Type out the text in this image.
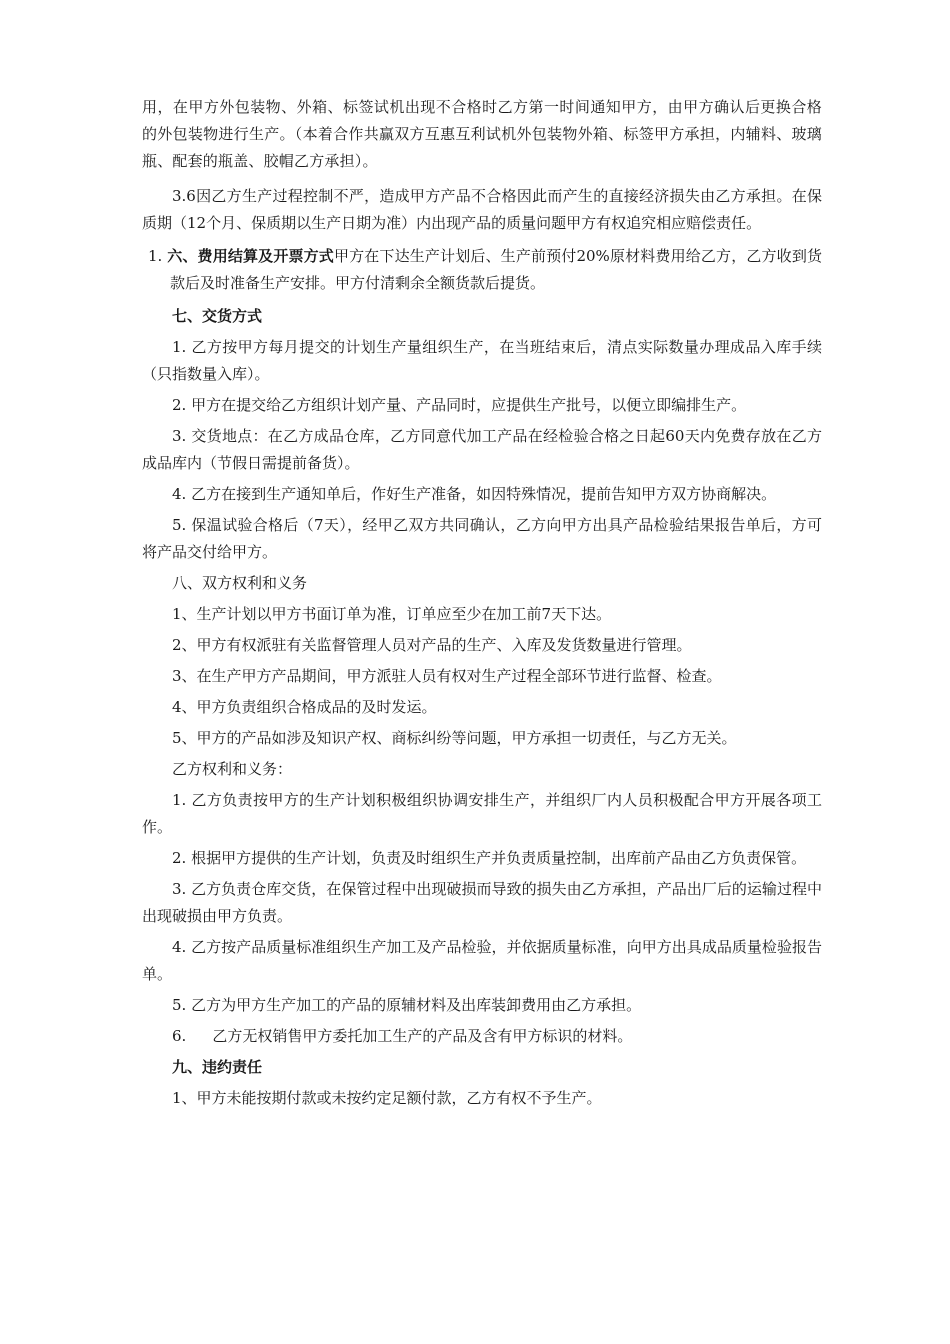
用，在甲方外包装物、外箱、标签试机出现不合格时乙方第一时间通知甲方，由甲方确认后更换合格的外包装物进行生产。（本着合作共赢双方互惠互利试机外包装物外箱、标签甲方承担，内辅料、玻璃瓶、配套的瓶盖、胶帽乙方承担）。

3.6因乙方生产过程控制不严，造成甲方产品不合格因此而产生的直接经济损失由乙方承担。在保质期（12个月、保质期以生产日期为准）内出现产品的质量问题甲方有权追究相应赔偿责任。

1. 六、费用结算及开票方式甲方在下达生产计划后、生产前预付20%原材料费用给乙方，乙方收到货款后及时准备生产安排。甲方付清剩余全额货款后提货。

七、交货方式

1. 乙方按甲方每月提交的计划生产量组织生产，在当班结束后，清点实际数量办理成品入库手续（只指数量入库）。

2. 甲方在提交给乙方组织计划产量、产品同时，应提供生产批号，以便立即编排生产。

3. 交货地点：在乙方成品仓库，乙方同意代加工产品在经检验合格之日起60天内免费存放在乙方成品库内（节假日需提前备货）。

4. 乙方在接到生产通知单后，作好生产准备，如因特殊情况，提前告知甲方双方协商解决。

5. 保温试验合格后（7天），经甲乙双方共同确认，乙方向甲方出具产品检验结果报告单后，方可将产品交付给甲方。

八、双方权利和义务

1、生产计划以甲方书面订单为准，订单应至少在加工前7天下达。

2、甲方有权派驻有关监督管理人员对产品的生产、入库及发货数量进行管理。

3、在生产甲方产品期间，甲方派驻人员有权对生产过程全部环节进行监督、检查。

4、甲方负责组织合格成品的及时发运。

5、甲方的产品如涉及知识产权、商标纠纷等问题，甲方承担一切责任，与乙方无关。

乙方权利和义务：

1. 乙方负责按甲方的生产计划积极组织协调安排生产，并组织厂内人员积极配合甲方开展各项工作。

2. 根据甲方提供的生产计划，负责及时组织生产并负责质量控制，出库前产品由乙方负责保管。

3. 乙方负责仓库交货，在保管过程中出现破损而导致的损失由乙方承担，产品出厂后的运输过程中出现破损由甲方负责。

4. 乙方按产品质量标准组织生产加工及产品检验，并依据质量标准，向甲方出具成品质量检验报告单。

5. 乙方为甲方生产加工的产品的原辅材料及出库装卸费用由乙方承担。

6. 乙方无权销售甲方委托加工生产的产品及含有甲方标识的材料。

九、违约责任

1、甲方未能按期付款或未按约定足额付款，乙方有权不予生产。
